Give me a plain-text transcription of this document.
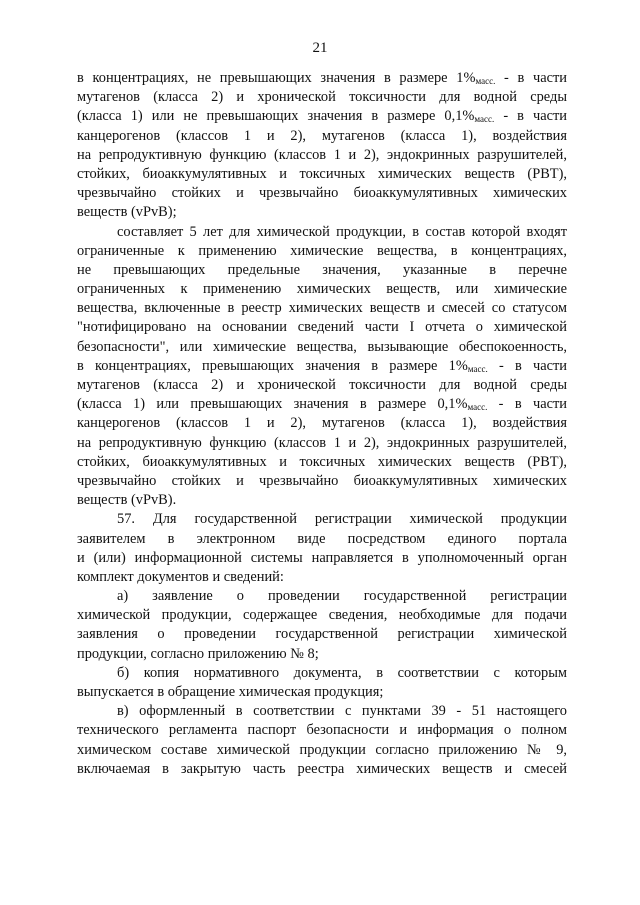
21
в концентрациях, не превышающих значения в размере $1\%_{масс.}$ - в части
мутагенов (класса 2) и хронической токсичности для водной среды
(класса 1) или не превышающих значения в размере $0,1\%_{масс.}$ - в части
канцерогенов (классов 1 и 2), мутагенов (класса 1), воздействия
на репродуктивную функцию (классов 1 и 2), эндокринных разрушителей,
стойких, биоаккумулятивных и токсичных химических веществ (PBT),
чрезвычайно стойких и чрезвычайно биоаккумулятивных химических
веществ (vPvB);
составляет 5 лет для химической продукции, в состав которой входят
ограниченные к применению химические вещества, в концентрациях,
не превышающих предельные значения, указанные в перечне
ограниченных к применению химических веществ, или химические
вещества, включенные в реестр химических веществ и смесей со статусом
"нотифицировано на основании сведений части I отчета о химической
безопасности", или химические вещества, вызывающие обеспокоенность,
в концентрациях, превышающих значения в размере $1\%_{масс.}$ - в части
мутагенов (класса 2) и хронической токсичности для водной среды
(класса 1) или превышающих значения в размере $0,1\%_{масс.}$ - в части
канцерогенов (классов 1 и 2), мутагенов (класса 1), воздействия
на репродуктивную функцию (классов 1 и 2), эндокринных разрушителей,
стойких, биоаккумулятивных и токсичных химических веществ (PBT),
чрезвычайно стойких и чрезвычайно биоаккумулятивных химических
веществ (vPvB).
57. Для государственной регистрации химической продукции
заявителем в электронном виде посредством единого портала
и (или) информационной системы направляется в уполномоченный орган
комплект документов и сведений:
а) заявление о проведении государственной регистрации
химической продукции, содержащее сведения, необходимые для подачи
заявления о проведении государственной регистрации химической
продукции, согласно приложению № 8;
б) копия нормативного документа, в соответствии с которым
выпускается в обращение химическая продукция;
в) оформленный в соответствии с пунктами 39 - 51 настоящего
технического регламента паспорт безопасности и информация о полном
химическом составе химической продукции согласно приложению № 9,
включаемая в закрытую часть реестра химических веществ и смесей
